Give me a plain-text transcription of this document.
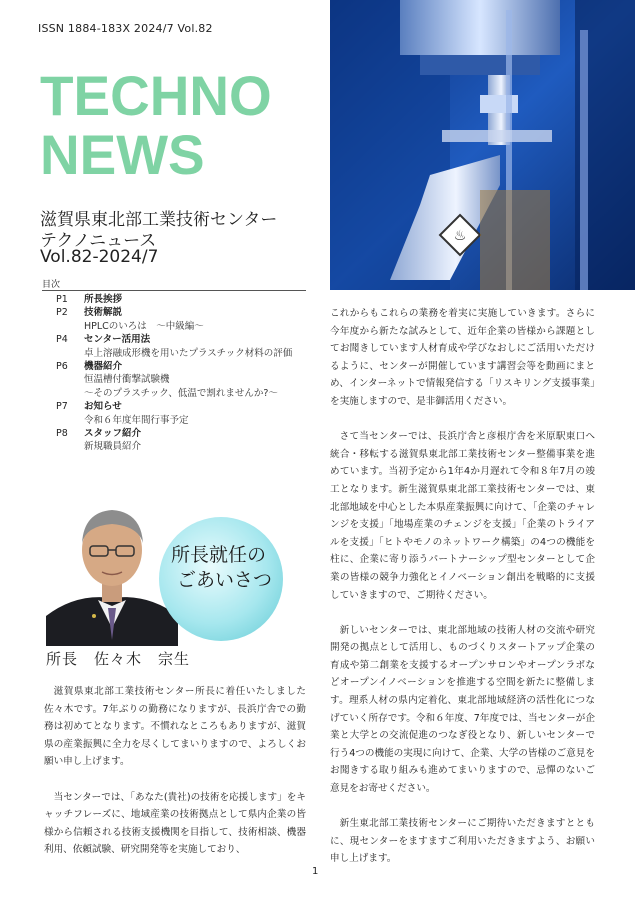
ISSN 1884-183X 2024/7 Vol.82
TECHNO
NEWS
滋賀県東北部工業技術センター
テクノニュース
Vol.82-2024/7
♨
目次
P1	所長挨拶
P2	技術解説
HPLCのいろは　～中級編～
P4	センター活用法
卓上溶融成形機を用いたプラスチック材料の評価
P6	機器紹介
恒温槽付衝撃試験機
～そのプラスチック、低温で割れませんか?～
P7	お知らせ
令和６年度年間行事予定
P8	スタッフ紹介
新規職員紹介
所長就任の
ごあいさつ
所長　佐々木　宗生

滋賀県東北部工業技術センター所長に着任いたしました佐々木です。7年ぶりの勤務になりますが、長浜庁舎での勤務は初めてとなります。不慣れなところもありますが、滋賀県の産業振興に全力を尽くしてまいりますので、よろしくお願い申し上げます。

当センターでは、「あなた(貴社)の技術を応援します」をキャッチフレーズに、地域産業の技術拠点として県内企業の皆様から信頼される技術支援機関を目指して、技術相談、機器利用、依頼試験、研究開発等を実施しており、

これからもこれらの業務を着実に実施していきます。さらに今年度から新たな試みとして、近年企業の皆様から課題としてお聞きしています人材育成や学びなおしにご活用いただけるように、センターが開催しています講習会等を動画にまとめ、インターネットで情報発信する「リスキリング支援事業」を実施しますので、是非御活用ください。

さて当センターでは、長浜庁舎と彦根庁舎を米原駅東口へ統合・移転する滋賀県東北部工業技術センター整備事業を進めています。当初予定から1年4か月遅れて令和８年7月の竣工となります。新生滋賀県東北部工業技術センターでは、東北部地域を中心とした本県産業振興に向けて、「企業のチャレンジを支援」「地場産業のチェンジを支援」「企業のトライアルを支援」「ヒトやモノのネットワーク構築」の4つの機能を柱に、企業に寄り添うパートナーシップ型センターとして企業の皆様の競争力強化とイノベーション創出を戦略的に支援していきますので、ご期待ください。

新しいセンターでは、東北部地域の技術人材の交流や研究開発の拠点として活用し、ものづくりスタートアップ企業の育成や第二創業を支援するオープンサロンやオープンラボなどオープンイノベーションを推進する空間を新たに整備します。理系人材の県内定着化、東北部地域経済の活性化につなげていく所存です。令和６年度、7年度では、当センターが企業と大学との交流促進のつなぎ役となり、新しいセンターで行う4つの機能の実現に向けて、企業、大学の皆様のご意見をお聞きする取り組みも進めてまいりますので、忌憚のないご意見をお寄せください。

新生東北部工業技術センターにご期待いただきますとともに、現センターをますますご利用いただきますよう、お願い申し上げます。

1
